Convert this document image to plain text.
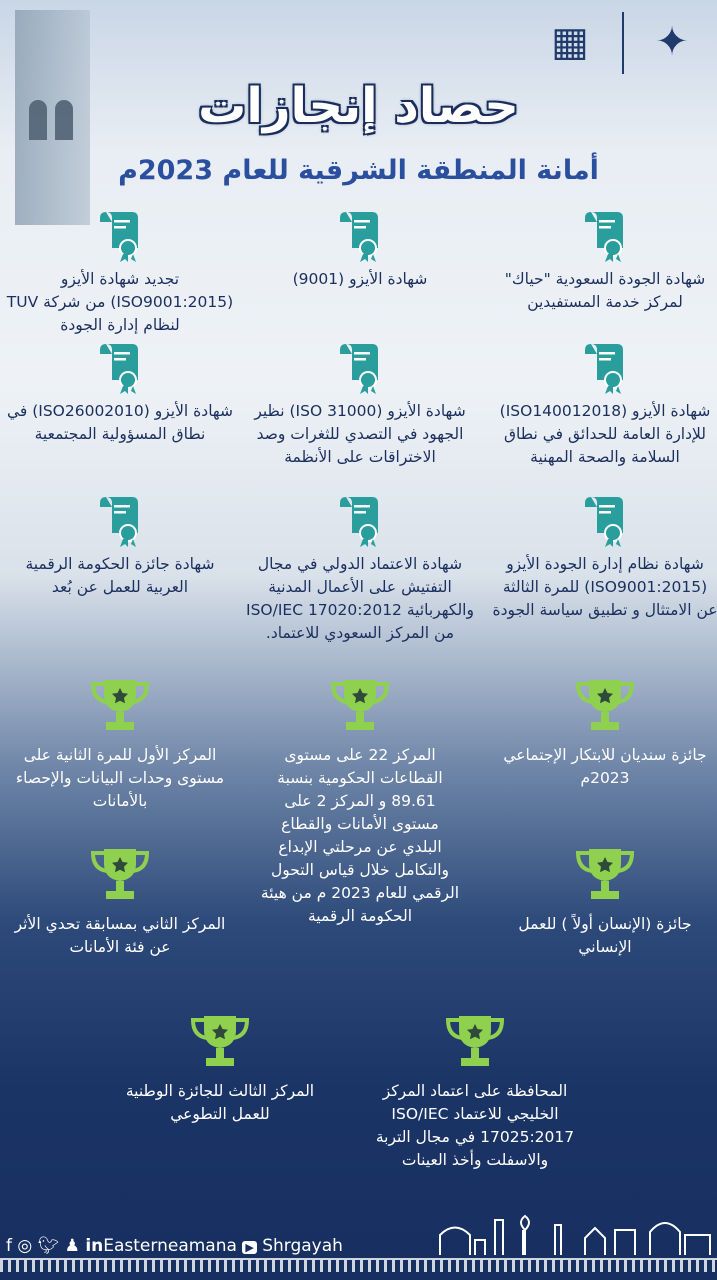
▦	✦
حصاد إنجازات
أمانة المنطقة الشرقية للعام 2023م
شهادة الجودة السعودية "حياك" لمركز خدمة المستفيدين
شهادة الأيزو (9001)
تجديد شهادة الأيزو (ISO9001:2015) من شركة TUV لنظام إدارة الجودة
شهادة الأيزو (ISO140012018) للإدارة العامة للحدائق في نطاق السلامة والصحة المهنية
شهادة الأيزو (ISO 31000) نظير الجهود في التصدي للثغرات وصد الاختراقات على الأنظمة
شهادة الأيزو (ISO26002010) في نطاق المسؤولية المجتمعية
شهادة نظام إدارة الجودة الأيزو (ISO9001:2015) للمرة الثالثة عن الامتثال و تطبيق سياسة الجودة
شهادة الاعتماد الدولي في مجال التفتيش على الأعمال المدنية والكهربائية ISO/IEC 17020:2012 من المركز السعودي للاعتماد.
شهادة جائزة الحكومة الرقمية العربية للعمل عن بُعد
جائزة سنديان للابتكار الإجتماعي 2023م
المركز 22 على مستوى القطاعات الحكومية بنسبة 89.61 و المركز 2 على مستوى الأمانات والقطاع البلدي عن مرحلتي الإبداع والتكامل خلال قياس التحول الرقمي للعام 2023 م من هيئة الحكومة الرقمية
المركز الأول للمرة الثانية على مستوى وحدات البيانات والإحصاء بالأمانات
جائزة (الإنسان أولاً ) للعمل الإنساني
المركز الثاني بمسابقة تحدي الأثر عن فئة الأمانات
المحافظة على اعتماد المركز الخليجي للاعتماد ISO/IEC 17025:2017 في مجال التربة والاسفلت وأخذ العينات
المركز الثالث للجائزة الوطنية للعمل التطوعي
f ◎ 🐦︎ ♟ inEasterneamana ▶ Shrgayah
